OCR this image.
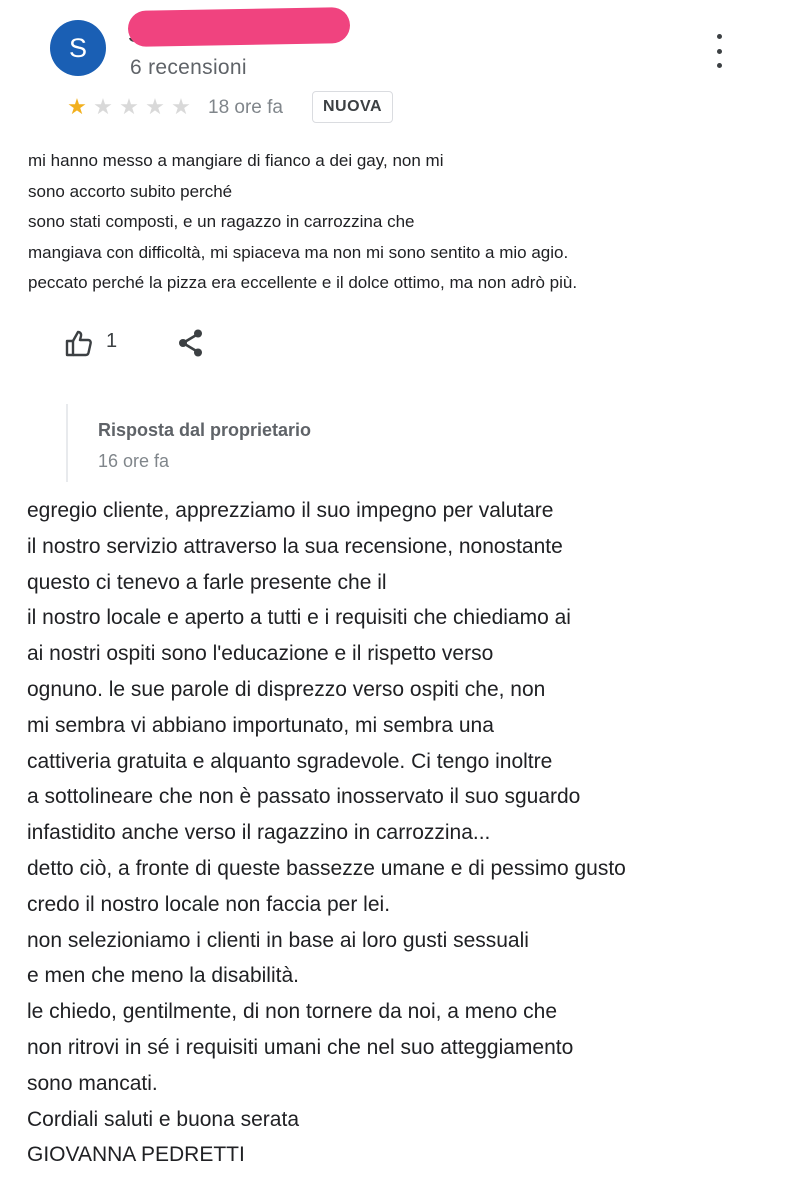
S
6 recensioni
★ ★ ★ ★ ★ 18 ore fa	NUOVA
mi hanno messo a mangiare di fianco a dei gay, non mi
sono accorto subito perché
sono stati composti, e un ragazzo in carrozzina che
mangiava con difficoltà, mi spiaceva ma non mi sono sentito a mio agio.
peccato perché la pizza era eccellente e il dolce ottimo, ma non adrò più.
1
Risposta dal proprietario
16 ore fa
egregio cliente, apprezziamo il suo impegno per valutare
il nostro servizio attraverso la sua recensione, nonostante
questo ci tenevo a farle presente che il
il nostro locale e aperto a tutti e i requisiti che chiediamo ai
ai nostri ospiti sono l'educazione e il rispetto verso
ognuno. le sue parole di disprezzo verso ospiti che, non
mi sembra vi abbiano importunato, mi sembra una
cattiveria gratuita e alquanto sgradevole. Ci tengo inoltre
a sottolineare che non è passato inosservato il suo sguardo
infastidito anche verso il ragazzino in carrozzina...
detto ciò, a fronte di queste bassezze umane e di pessimo gusto
credo il nostro locale non faccia per lei.
non selezioniamo i clienti in base ai loro gusti sessuali
e men che meno la disabilità.
le chiedo, gentilmente, di non tornere da noi, a meno che
non ritrovi in sé i requisiti umani che nel suo atteggiamento
sono mancati.
Cordiali saluti e buona serata
GIOVANNA PEDRETTI
